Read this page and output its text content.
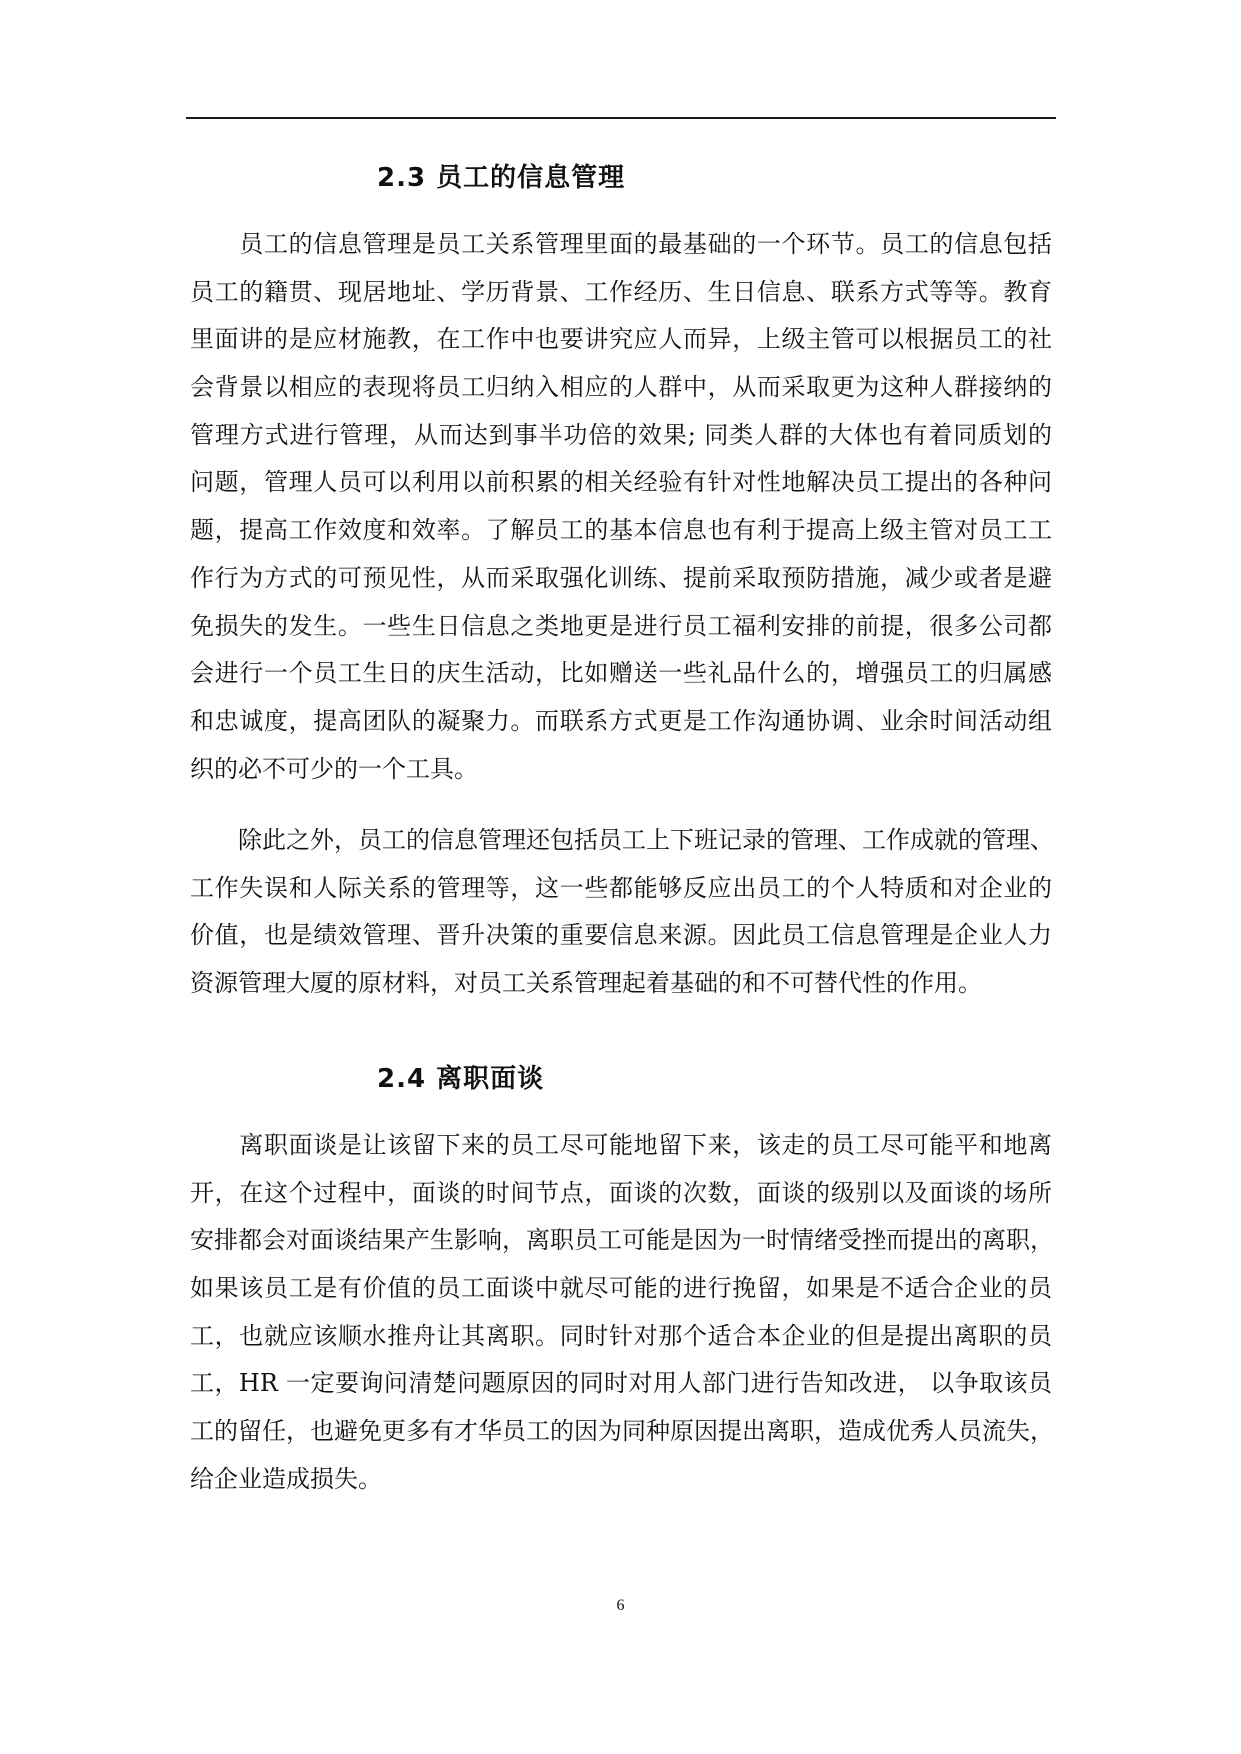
2.3 员工的信息管理
　　员工的信息管理是员工关系管理里面的最基础的一个环节。员工的信息包括
员工的籍贯、现居地址、学历背景、工作经历、生日信息、联系方式等等。教育
里面讲的是应材施教，在工作中也要讲究应人而异，上级主管可以根据员工的社
会背景以相应的表现将员工归纳入相应的人群中，从而采取更为这种人群接纳的
管理方式进行管理，从而达到事半功倍的效果; 同类人群的大体也有着同质划的
问题，管理人员可以利用以前积累的相关经验有针对性地解决员工提出的各种问
题，提高工作效度和效率。了解员工的基本信息也有利于提高上级主管对员工工
作行为方式的可预见性，从而采取强化训练、提前采取预防措施，减少或者是避
免损失的发生。一些生日信息之类地更是进行员工福利安排的前提，很多公司都
会进行一个员工生日的庆生活动，比如赠送一些礼品什么的，增强员工的归属感
和忠诚度，提高团队的凝聚力。而联系方式更是工作沟通协调、业余时间活动组
织的必不可少的一个工具。
　　除此之外，员工的信息管理还包括员工上下班记录的管理、工作成就的管理、
工作失误和人际关系的管理等，这一些都能够反应出员工的个人特质和对企业的
价值，也是绩效管理、晋升决策的重要信息来源。因此员工信息管理是企业人力
资源管理大厦的原材料，对员工关系管理起着基础的和不可替代性的作用。
2.4 离职面谈
　　离职面谈是让该留下来的员工尽可能地留下来，该走的员工尽可能平和地离
开，在这个过程中，面谈的时间节点，面谈的次数，面谈的级别以及面谈的场所
安排都会对面谈结果产生影响，离职员工可能是因为一时情绪受挫而提出的离职，
如果该员工是有价值的员工面谈中就尽可能的进行挽留，如果是不适合企业的员
工，也就应该顺水推舟让其离职。同时针对那个适合本企业的但是提出离职的员
工，HR 一定要询问清楚问题原因的同时对用人部门进行告知改进， 以争取该员
工的留任，也避免更多有才华员工的因为同种原因提出离职，造成优秀人员流失，
给企业造成损失。
6
